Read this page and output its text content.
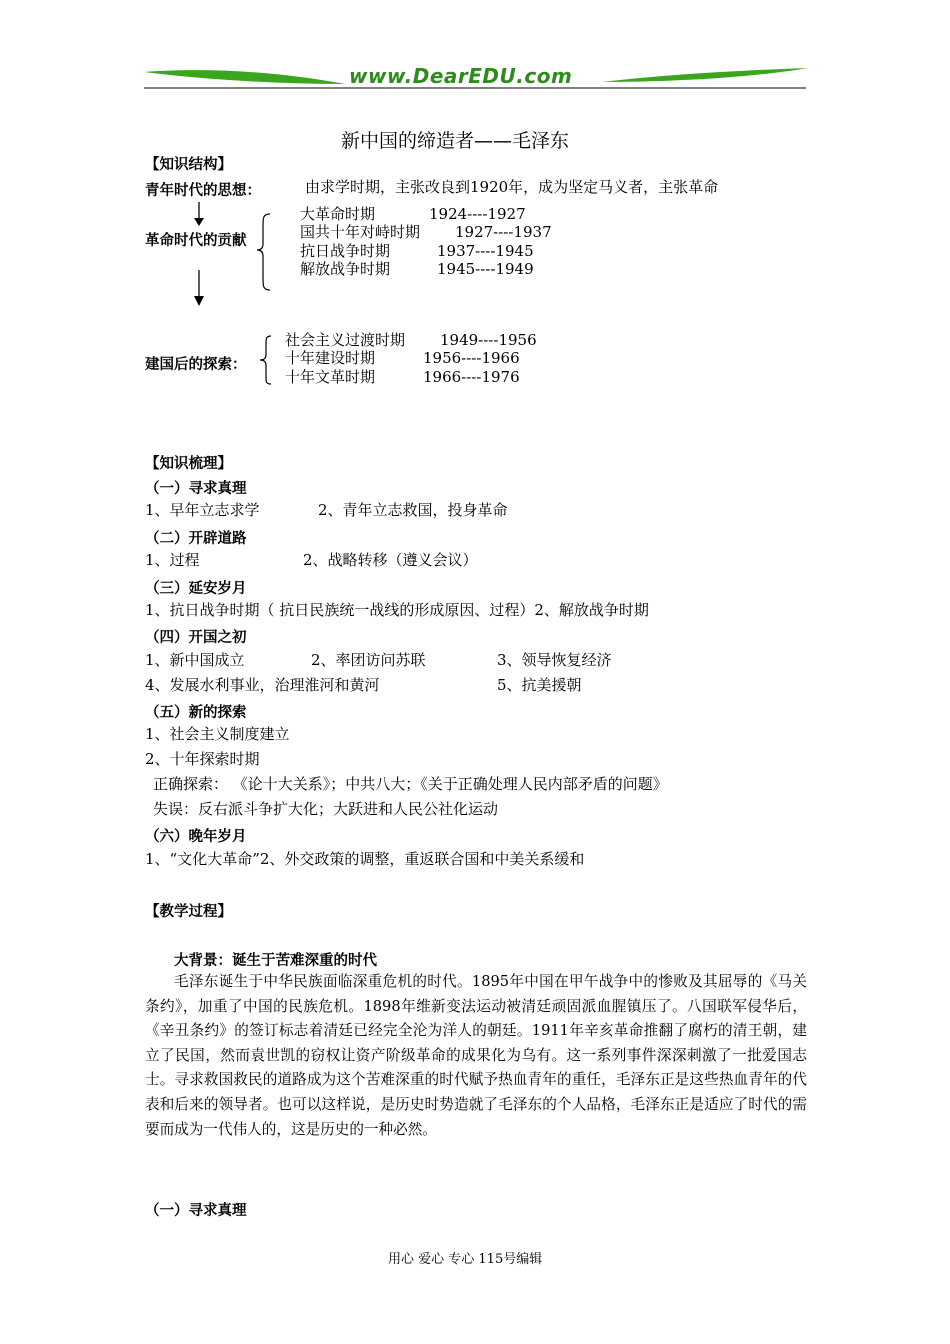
www.DearEDU.com
新中国的缔造者——毛泽东
【知识结构】
青年时代的思想：	由求学时期，主张改良到1920年，成为坚定马义者，主张革命
革命时代的贡献
大革命时期	1924----1927
国共十年对峙时期 1927----1937
抗日战争时期	1937----1945
解放战争时期	1945----1949
建国后的探索：
社会主义过渡时期 1949----1956
十年建设时期	1956----1966
十年文革时期	1966----1976
【知识梳理】
（一）寻求真理
1、早年立志求学	2、青年立志救国，投身革命
（二）开辟道路
1、过程	2、战略转移（遵义会议）
（三）延安岁月
1、抗日战争时期（ 抗日民族统一战线的形成原因、过程）2、解放战争时期
（四）开国之初
1、新中国成立	2、率团访问苏联	3、领导恢复经济
4、发展水利事业，治理淮河和黄河	5、抗美援朝
（五）新的探索
1、社会主义制度建立
2、十年探索时期
正确探索： 《论十大关系》；中共八大；《关于正确处理人民内部矛盾的问题》
失误：反右派斗争扩大化；大跃进和人民公社化运动
（六）晚年岁月
1、“文化大革命”2、外交政策的调整，重返联合国和中美关系缓和
【教学过程】
大背景：诞生于苦难深重的时代
毛泽东诞生于中华民族面临深重危机的时代。1895年中国在甲午战争中的惨败及其屈辱的《马关条约》，加重了中国的民族危机。1898年维新变法运动被清廷顽固派血腥镇压了。八国联军侵华后，《辛丑条约》的签订标志着清廷已经完全沦为洋人的朝廷。1911年辛亥革命推翻了腐朽的清王朝，建立了民国，然而袁世凯的窃权让资产阶级革命的成果化为乌有。这一系列事件深深刺激了一批爱国志士。寻求救国救民的道路成为这个苦难深重的时代赋予热血青年的重任，毛泽东正是这些热血青年的代表和后来的领导者。也可以这样说，是历史时势造就了毛泽东的个人品格，毛泽东正是适应了时代的需要而成为一代伟人的，这是历史的一种必然。
（一）寻求真理
用心 爱心 专心 115号编辑
